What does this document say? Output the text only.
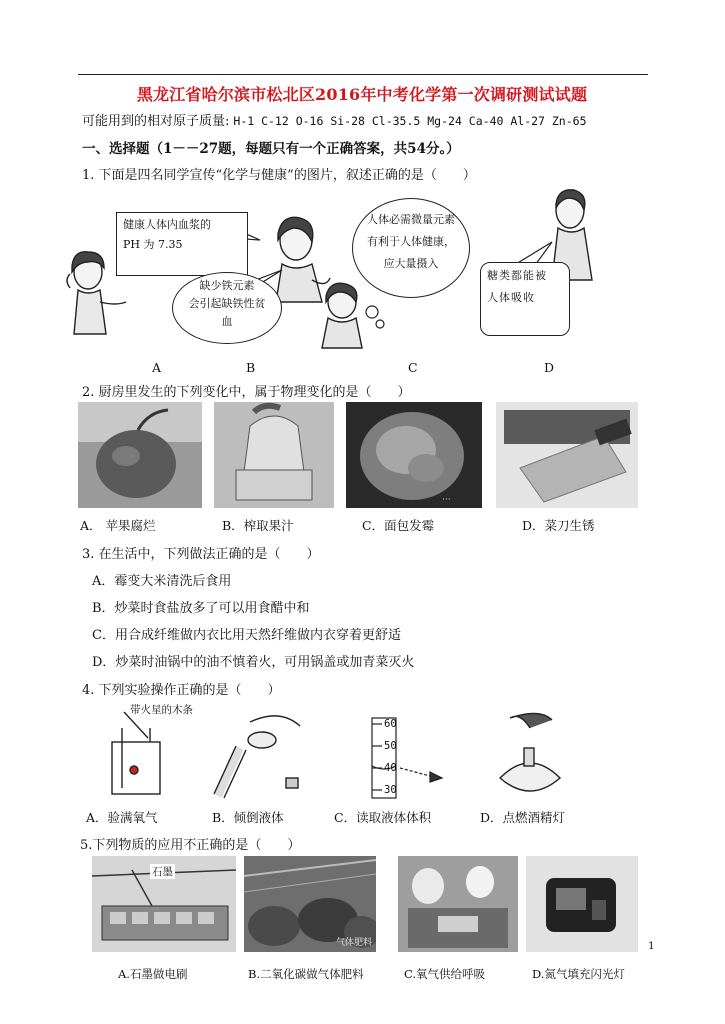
黑龙江省哈尔滨市松北区2016年中考化学第一次调研测试试题
可能用到的相对原子质量: H-1 C-12 O-16 Si-28 Cl-35.5 Mg-24 Ca-40 Al-27 Zn-65
一、选择题（1－－27题，每题只有一个正确答案，共54分。）
1. 下面是四名同学宣传“化学与健康”的图片，叙述正确的是（　　）
健康人体内血浆的
PH 为 7.35
缺少铁元素
会引起缺铁性贫
血
人体必需微量元素
有利于人体健康，
应大量摄入
糖类都能被
人体吸收
A	B	C	D
2. 厨房里发生的下列变化中，属于物理变化的是（　　）
···
A． 苹果腐烂	B．榨取果汁	C．面包发霉	D．菜刀生锈
3. 在生活中，下列做法正确的是（　　）
A．霉变大米清洗后食用
B．炒菜时食盐放多了可以用食醋中和
C．用合成纤维做内衣比用天然纤维做内衣穿着更舒适
D．炒菜时油锅中的油不慎着火，可用锅盖或加青菜灭火
4. 下列实验操作正确的是（　　）
带火星的木条
60
50
40
30
A．验满氧气	B．倾倒液体	C．读取液体体积	D．点燃酒精灯
5.下列物质的应用不正确的是（　　）
石墨
气体肥料
A.石墨做电刷	B.二氧化碳做气体肥料	C.氧气供给呼吸	D.氮气填充闪光灯
1
